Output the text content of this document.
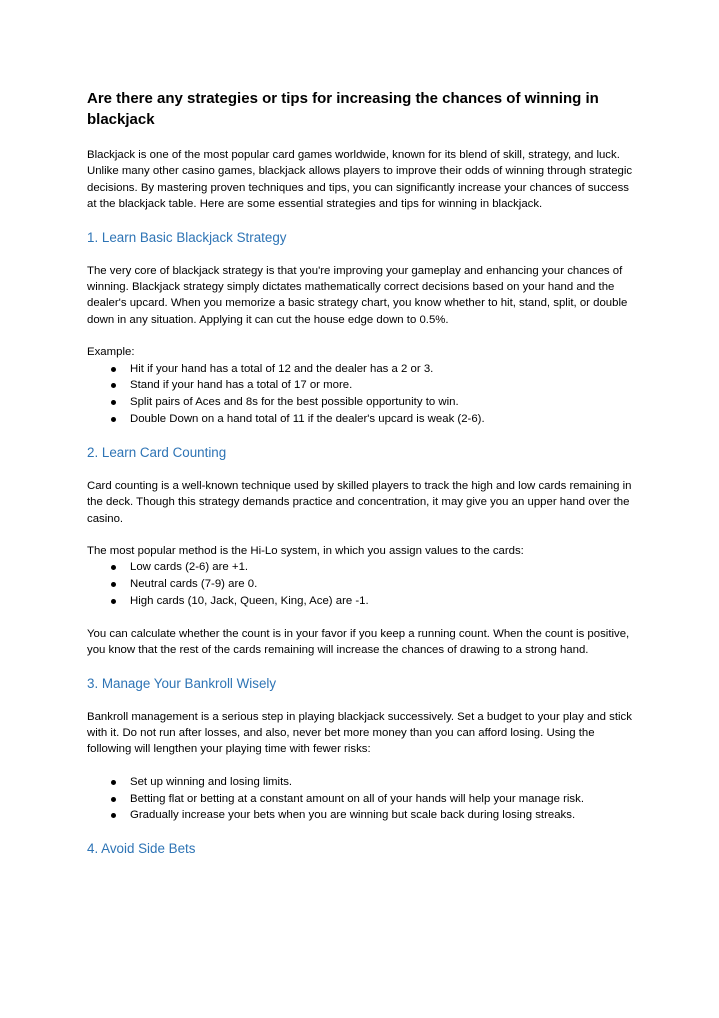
Are there any strategies or tips for increasing the chances of winning in blackjack

Blackjack is one of the most popular card games worldwide, known for its blend of skill, strategy, and luck. Unlike many other casino games, blackjack allows players to improve their odds of winning through strategic decisions. By mastering proven techniques and tips, you can significantly increase your chances of success at the blackjack table. Here are some essential strategies and tips for winning in blackjack.

1. Learn Basic Blackjack Strategy

The very core of blackjack strategy is that you're improving your gameplay and enhancing your chances of winning. Blackjack strategy simply dictates mathematically correct decisions based on your hand and the dealer's upcard. When you memorize a basic strategy chart, you know whether to hit, stand, split, or double down in any situation. Applying it can cut the house edge down to 0.5%.

Example:

Hit if your hand has a total of 12 and the dealer has a 2 or 3.
Stand if your hand has a total of 17 or more.
Split pairs of Aces and 8s for the best possible opportunity to win.
Double Down on a hand total of 11 if the dealer's upcard is weak (2-6).
2. Learn Card Counting

Card counting is a well-known technique used by skilled players to track the high and low cards remaining in the deck. Though this strategy demands practice and concentration, it may give you an upper hand over the casino.

The most popular method is the Hi-Lo system, in which you assign values to the cards:

Low cards (2-6) are +1.
Neutral cards (7-9) are 0.
High cards (10, Jack, Queen, King, Ace) are -1.

You can calculate whether the count is in your favor if you keep a running count. When the count is positive, you know that the rest of the cards remaining will increase the chances of drawing to a strong hand.

3. Manage Your Bankroll Wisely

Bankroll management is a serious step in playing blackjack successively. Set a budget to your play and stick with it. Do not run after losses, and also, never bet more money than you can afford losing. Using the following will lengthen your playing time with fewer risks:

Set up winning and losing limits.
Betting flat or betting at a constant amount on all of your hands will help your manage risk.
Gradually increase your bets when you are winning but scale back during losing streaks.
4. Avoid Side Bets
